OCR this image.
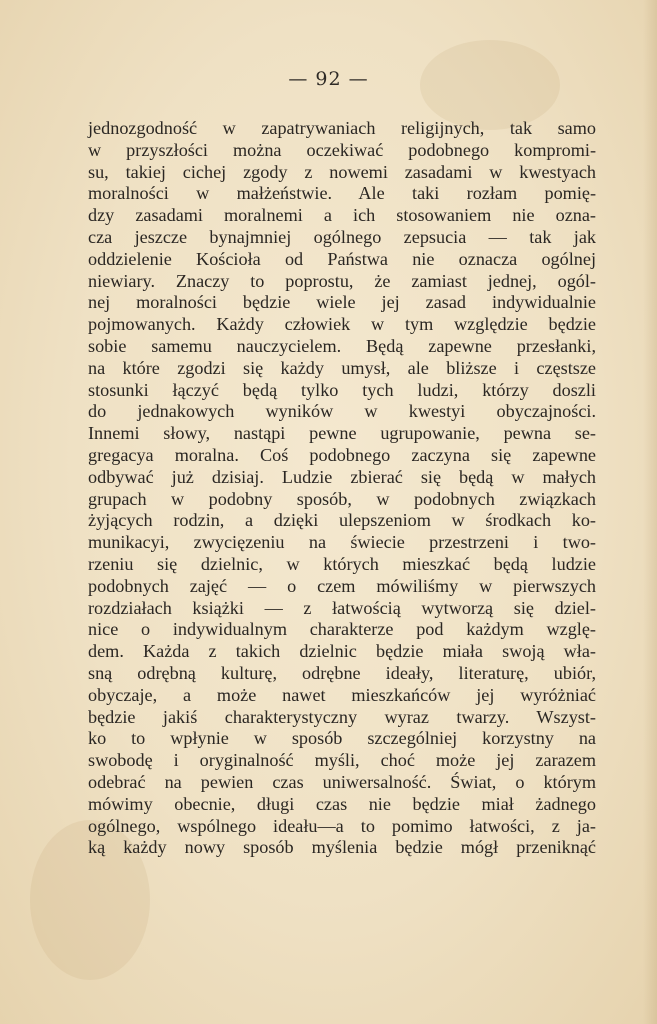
— 92 —
jednozgodność w zapatrywaniach religijnych, tak samo
w przyszłości można oczekiwać podobnego kompromi-
su, takiej cichej zgody z nowemi zasadami w kwestyach
moralności w małżeństwie. Ale taki rozłam pomię-
dzy zasadami moralnemi a ich stosowaniem nie ozna-
cza jeszcze bynajmniej ogólnego zepsucia — tak jak
oddzielenie Kościoła od Państwa nie oznacza ogólnej
niewiary. Znaczy to poprostu, że zamiast jednej, ogól-
nej moralności będzie wiele jej zasad indywidualnie
pojmowanych. Każdy człowiek w tym względzie będzie
sobie samemu nauczycielem. Będą zapewne przesłanki,
na które zgodzi się każdy umysł, ale bliższe i częstsze
stosunki łączyć będą tylko tych ludzi, którzy doszli
do jednakowych wyników w kwestyi obyczajności.
Innemi słowy, nastąpi pewne ugrupowanie, pewna se-
gregacya moralna. Coś podobnego zaczyna się zapewne
odbywać już dzisiaj. Ludzie zbierać się będą w małych
grupach w podobny sposób, w podobnych związkach
żyjących rodzin, a dzięki ulepszeniom w środkach ko-
munikacyi, zwycięzeniu na świecie przestrzeni i two-
rzeniu się dzielnic, w których mieszkać będą ludzie
podobnych zajęć — o czem mówiliśmy w pierwszych
rozdziałach książki — z łatwością wytworzą się dziel-
nice o indywidualnym charakterze pod każdym wzglę-
dem. Każda z takich dzielnic będzie miała swoją wła-
sną odrębną kulturę, odrębne ideały, literaturę, ubiór,
obyczaje, a może nawet mieszkańców jej wyróżniać
będzie jakiś charakterystyczny wyraz twarzy. Wszyst-
ko to wpłynie w sposób szczególniej korzystny na
swobodę i oryginalność myśli, choć może jej zarazem
odebrać na pewien czas uniwersalność. Świat, o którym
mówimy obecnie, długi czas nie będzie miał żadnego
ogólnego, wspólnego ideału—a to pomimo łatwości, z ja-
ką każdy nowy sposób myślenia będzie mógł przeniknąć
